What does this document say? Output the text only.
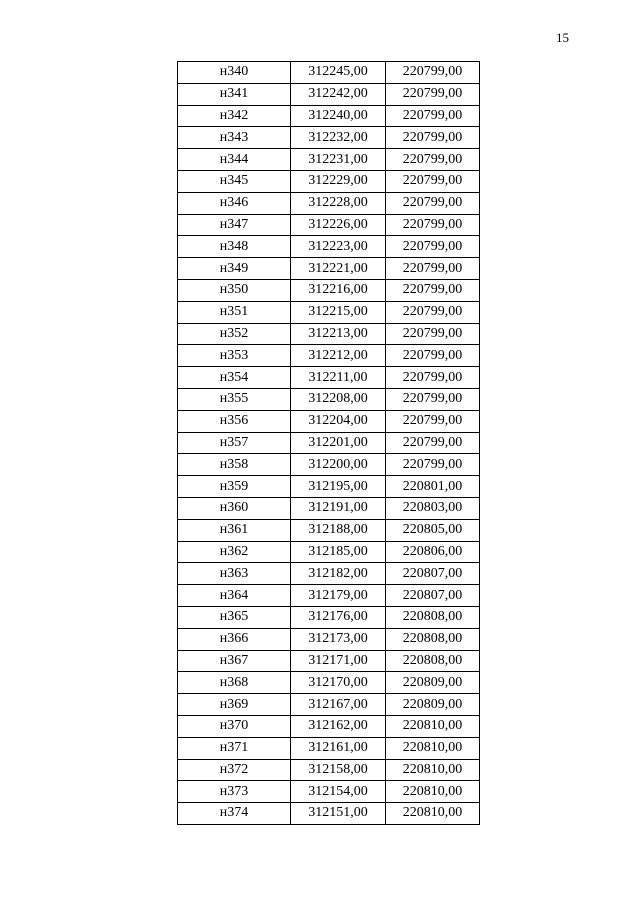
15
н340	312245,00	220799,00
н341	312242,00	220799,00
н342	312240,00	220799,00
н343	312232,00	220799,00
н344	312231,00	220799,00
н345	312229,00	220799,00
н346	312228,00	220799,00
н347	312226,00	220799,00
н348	312223,00	220799,00
н349	312221,00	220799,00
н350	312216,00	220799,00
н351	312215,00	220799,00
н352	312213,00	220799,00
н353	312212,00	220799,00
н354	312211,00	220799,00
н355	312208,00	220799,00
н356	312204,00	220799,00
н357	312201,00	220799,00
н358	312200,00	220799,00
н359	312195,00	220801,00
н360	312191,00	220803,00
н361	312188,00	220805,00
н362	312185,00	220806,00
н363	312182,00	220807,00
н364	312179,00	220807,00
н365	312176,00	220808,00
н366	312173,00	220808,00
н367	312171,00	220808,00
н368	312170,00	220809,00
н369	312167,00	220809,00
н370	312162,00	220810,00
н371	312161,00	220810,00
н372	312158,00	220810,00
н373	312154,00	220810,00
н374	312151,00	220810,00
